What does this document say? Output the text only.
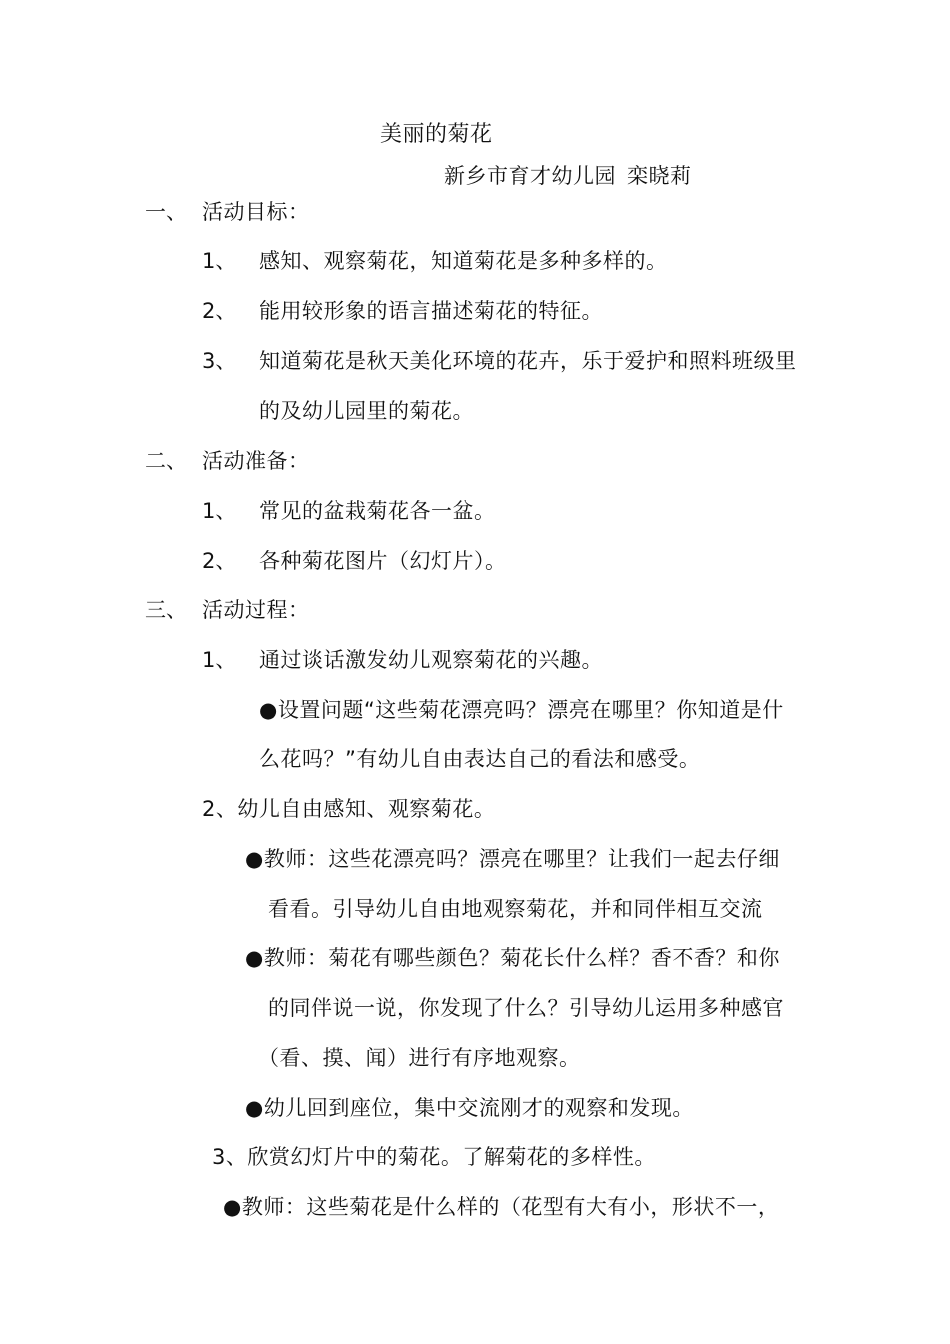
美丽的菊花
新乡市育才幼儿园 栾晓莉
一、 活动目标：
1、 感知、观察菊花，知道菊花是多种多样的。
2、 能用较形象的语言描述菊花的特征。
3、 知道菊花是秋天美化环境的花卉，乐于爱护和照料班级里
的及幼儿园里的菊花。
二、 活动准备：
1、 常见的盆栽菊花各一盆。
2、 各种菊花图片（幻灯片）。
三、 活动过程：
1、 通过谈话激发幼儿观察菊花的兴趣。
●设置问题“这些菊花漂亮吗？漂亮在哪里？你知道是什
么花吗？”有幼儿自由表达自己的看法和感受。
2、幼儿自由感知、观察菊花。
●教师：这些花漂亮吗？漂亮在哪里？让我们一起去仔细
看看。引导幼儿自由地观察菊花，并和同伴相互交流
●教师：菊花有哪些颜色？菊花长什么样？香不香？和你
的同伴说一说，你发现了什么？引导幼儿运用多种感官
（看、摸、闻）进行有序地观察。
●幼儿回到座位，集中交流刚才的观察和发现。
3、欣赏幻灯片中的菊花。了解菊花的多样性。
●教师：这些菊花是什么样的（花型有大有小，形状不一，
